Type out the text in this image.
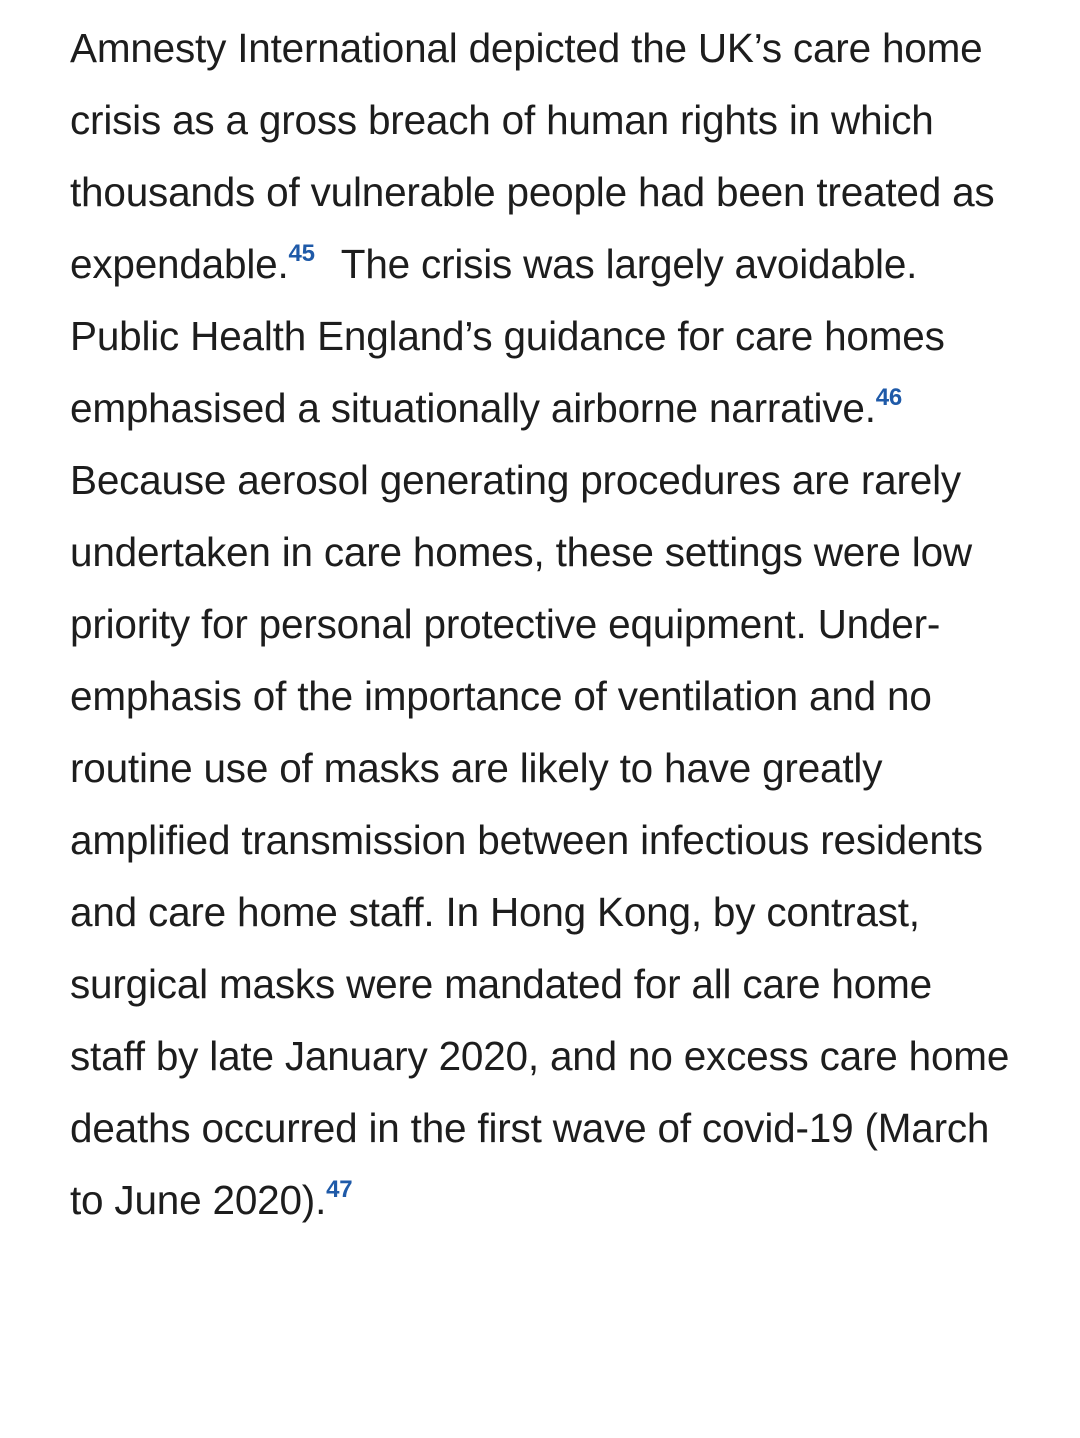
Amnesty International depicted the UK’s care home crisis as a gross breach of human rights in which thousands of vulnerable people had been treated as expendable.$^{45}$ The crisis was largely avoidable. Public Health England’s guidance for care homes emphasised a situationally airborne narrative.$^{46}$Because aerosol generating procedures are rarely undertaken in care homes, these settings were low priority for personal protective equipment. Under-emphasis of the importance of ventilation and no routine use of masks are likely to have greatly amplified transmission between infectious residents and care home staff. In Hong Kong, by contrast, surgical masks were mandated for all care home staff by late January 2020, and no excess care home deaths occurred in the first wave of covid-19 (March to June 2020).$^{47}$
